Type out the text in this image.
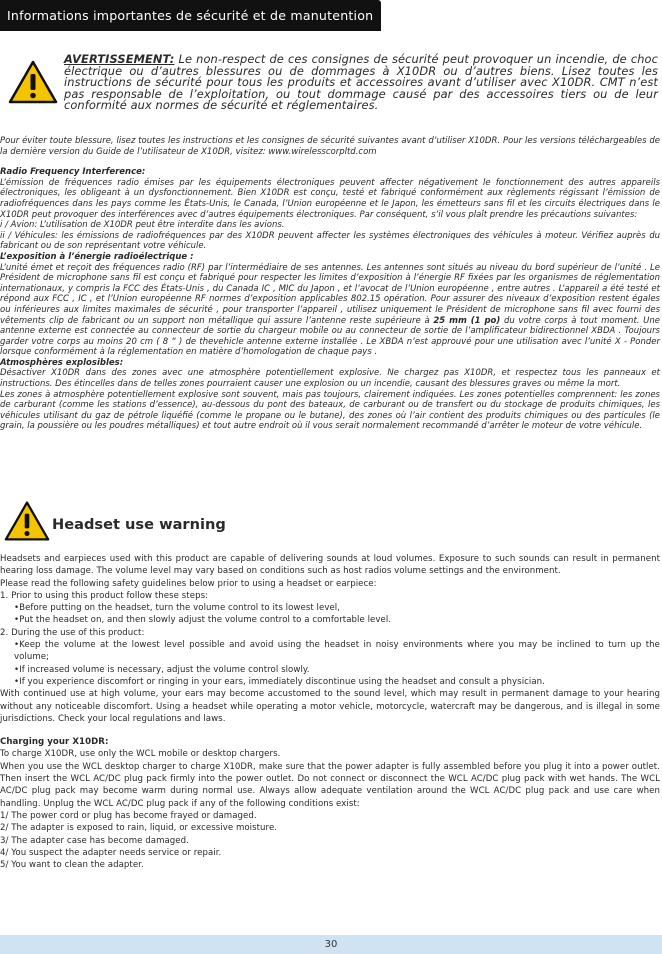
Informations importantes de sécurité et de manutention
AVERTISSEMENT: Le non-respect de ces consignes de sécurité peut provoquer un incendie, de choc électrique ou d’autres blessures ou de dommages à X10DR ou d’autres biens. Lisez toutes les instructions de sécurité pour tous les produits et accessoires avant d’utiliser avec X10DR. CMT n’est pas responsable de l’exploitation, ou tout dommage causé par des accessoires tiers ou de leur conformité aux normes de sécurité et réglementaires.

Pour éviter toute blessure, lisez toutes les instructions et les consignes de sécurité suivantes avant d’utiliser X10DR. Pour les versions téléchargeables de la dernière version du Guide de l’utilisateur de X10DR, visitez: www.wirelesscorpltd.com

Radio Frequency Interference:

L’émission de fréquences radio émises par les équipements électroniques peuvent affecter négativement le fonctionnement des autres appareils électroniques, les obligeant à un dysfonctionnement. Bien X10DR est conçu, testé et fabriqué conformément aux règlements régissant l’émission de radiofréquences dans les pays comme les États-Unis, le Canada, l’Union européenne et le Japon, les émetteurs sans fil et les circuits électriques dans le X10DR peut provoquer des interférences avec d’autres équipements électroniques. Par conséquent, s’il vous plaît prendre les précautions suivantes:

i / Avion: L’utilisation de X10DR peut être interdite dans les avions.

ii / Véhicules: les émissions de radiofréquences par des X10DR peuvent affecter les systèmes électroniques des véhicules à moteur. Vérifiez auprès du fabricant ou de son représentant votre véhicule.

L’exposition à l’énergie radioélectrique :

L’unité émet et reçoit des fréquences radio (RF) par l’intermédiaire de ses antennes. Les antennes sont situés au niveau du bord supérieur de l’unité . Le Président de microphone sans fil est conçu et fabriqué pour respecter les limites d’exposition à l’énergie RF fixées par les organismes de réglementation internationaux, y compris la FCC des États-Unis , du Canada IC , MIC du Japon , et l’avocat de l’Union européenne , entre autres . L’appareil a été testé et répond aux FCC , IC , et l’Union européenne RF normes d’exposition applicables 802.15 opération. Pour assurer des niveaux d’exposition restent égales ou inférieures aux limites maximales de sécurité , pour transporter l’appareil , utilisez uniquement le Président de microphone sans fil avec fourni des vêtements clip de fabricant ou un support non métallique qui assure l’antenne reste supérieure à 25 mm (1 po) du votre corps à tout moment. Une antenne externe est connectée au connecteur de sortie du chargeur mobile ou au connecteur de sortie de l’amplificateur bidirectionnel XBDA . Toujours garder votre corps au moins 20 cm ( 8 “ ) de thevehicle antenne externe installée . Le XBDA n’est approuvé pour une utilisation avec l’unité X - Ponder lorsque conformément à la réglementation en matière d’homologation de chaque pays .

Atmosphères explosibles:

Désactiver X10DR dans des zones avec une atmosphère potentiellement explosive. Ne chargez pas X10DR, et respectez tous les panneaux et instructions. Des étincelles dans de telles zones pourraient causer une explosion ou un incendie, causant des blessures graves ou même la mort.

Les zones à atmosphère potentiellement explosive sont souvent, mais pas toujours, clairement indiquées. Les zones potentielles comprennent: les zones de carburant (comme les stations d’essence), au-dessous du pont des bateaux, de carburant ou de transfert ou du stockage de produits chimiques, les véhicules utilisant du gaz de pétrole liquéfié (comme le propane ou le butane), des zones où l’air contient des produits chimiques ou des particules (le grain, la poussière ou les poudres métalliques) et tout autre endroit où il vous serait normalement recommandé d’arrêter le moteur de votre véhicule.

Headset use warning

Headsets and earpieces used with this product are capable of delivering sounds at loud volumes. Exposure to such sounds can result in permanent hearing loss damage. The volume level may vary based on conditions such as host radios volume settings and the environment.

Please read the following safety guidelines below prior to using a headset or earpiece:

1. Prior to using this product follow these steps:

•Before putting on the headset, turn the volume control to its lowest level,

•Put the headset on, and then slowly adjust the volume control to a comfortable level.

2. During the use of this product:

•Keep the volume at the lowest level possible and avoid using the headset in noisy environments where you may be inclined to turn up the volume;

•If increased volume is necessary, adjust the volume control slowly.

•If you experience discomfort or ringing in your ears, immediately discontinue using the headset and consult a physician.

With continued use at high volume, your ears may become accustomed to the sound level, which may result in permanent damage to your hearing without any noticeable discomfort. Using a headset while operating a motor vehicle, motorcycle, watercraft may be dangerous, and is illegal in some jurisdictions. Check your local regulations and laws.

Charging your X10DR:

To charge X10DR, use only the WCL mobile or desktop chargers.

When you use the WCL desktop charger to charge X10DR, make sure that the power adapter is fully assembled before you plug it into a power outlet. Then insert the WCL AC/DC plug pack firmly into the power outlet. Do not connect or disconnect the WCL AC/DC plug pack with wet hands. The WCL AC/DC plug pack may become warm during normal use. Always allow adequate ventilation around the WCL AC/DC plug pack and use care when handling. Unplug the WCL AC/DC plug pack if any of the following conditions exist:

1/ The power cord or plug has become frayed or damaged.

2/ The adapter is exposed to rain, liquid, or excessive moisture.

3/ The adapter case has become damaged.

4/ You suspect the adapter needs service or repair.

5/ You want to clean the adapter.

30
